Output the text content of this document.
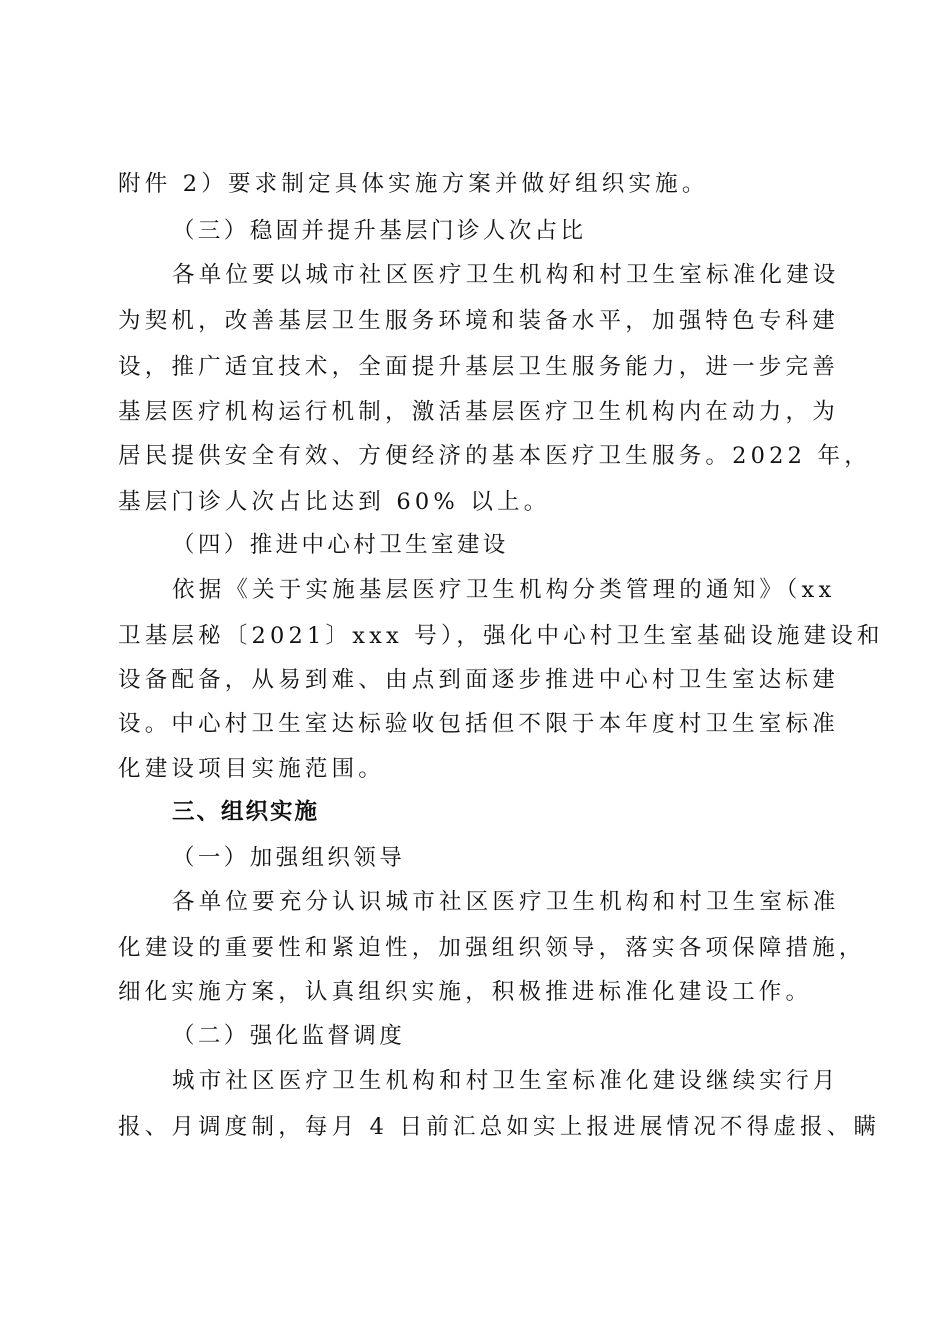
附件 2）要求制定具体实施方案并做好组织实施。
（三）稳固并提升基层门诊人次占比
各单位要以城市社区医疗卫生机构和村卫生室标准化建设
为契机，改善基层卫生服务环境和装备水平，加强特色专科建
设，推广适宜技术，全面提升基层卫生服务能力，进一步完善
基层医疗机构运行机制，激活基层医疗卫生机构内在动力，为
居民提供安全有效、方便经济的基本医疗卫生服务。2022 年，
基层门诊人次占比达到 60% 以上。
（四）推进中心村卫生室建设
依据《关于实施基层医疗卫生机构分类管理的通知》（xx
卫基层秘〔2021〕xxx 号），强化中心村卫生室基础设施建设和
设备配备，从易到难、由点到面逐步推进中心村卫生室达标建
设。中心村卫生室达标验收包括但不限于本年度村卫生室标准
化建设项目实施范围。
三、组织实施
（一）加强组织领导
各单位要充分认识城市社区医疗卫生机构和村卫生室标准
化建设的重要性和紧迫性，加强组织领导，落实各项保障措施，
细化实施方案，认真组织实施，积极推进标准化建设工作。
（二）强化监督调度
城市社区医疗卫生机构和村卫生室标准化建设继续实行月
报、月调度制，每月 4 日前汇总如实上报进展情况不得虚报、瞒
